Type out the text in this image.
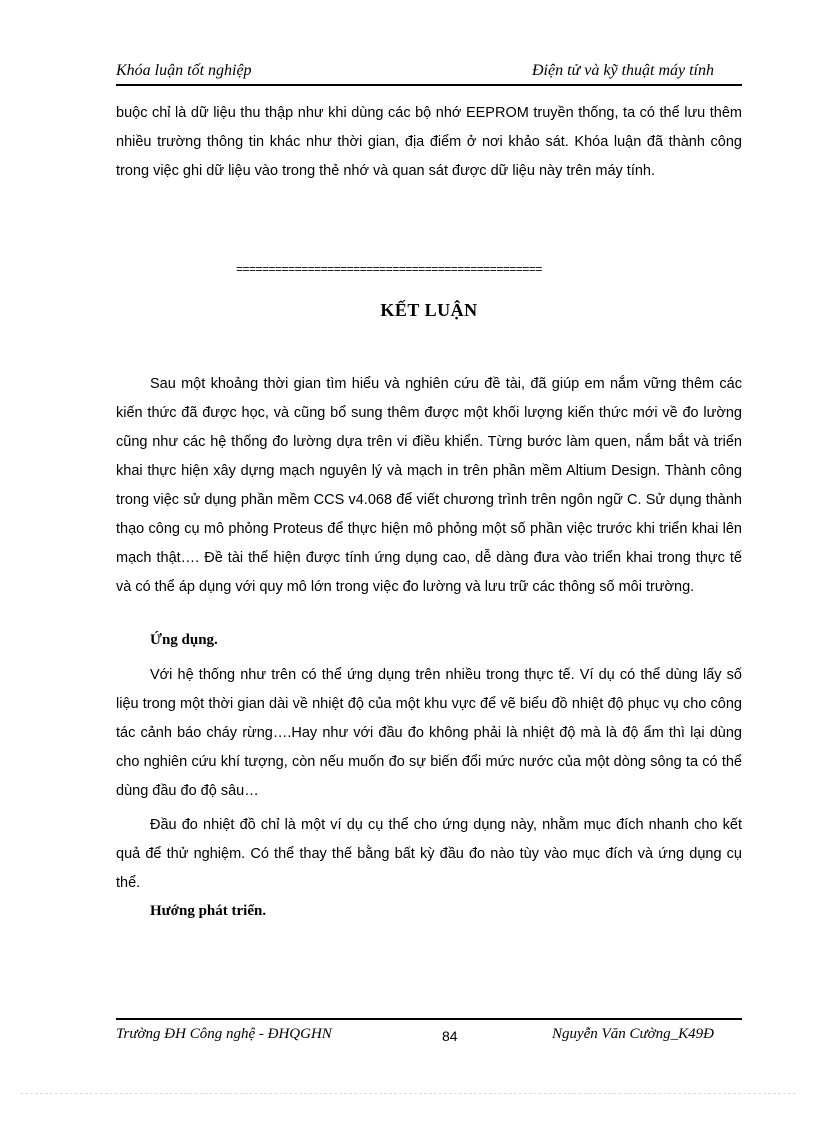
Khóa luận tốt nghiệp	Điện tử và kỹ thuật máy tính

buộc chỉ là dữ liệu thu thập như khi dùng các bộ nhớ EEPROM truyền thống, ta có thể lưu thêm nhiều trường thông tin khác như thời gian, địa điểm ở nơi khảo sát. Khóa luận đã thành công trong việc ghi dữ liệu vào trong thẻ nhớ và quan sát được dữ liệu này trên máy tính.

===============================================
KẾT LUẬN

Sau một khoảng thời gian tìm hiểu và nghiên cứu đề tài, đã giúp em nắm vững thêm các kiến thức đã được học, và cũng bổ sung thêm được một khối lượng kiến thức mới về đo lường cũng như các hệ thống đo lường dựa trên vi điều khiển. Từng bước làm quen, nắm bắt và triển khai thực hiện xây dựng mạch nguyên lý và mạch in trên phần mềm Altium Design. Thành công trong việc sử dụng phần mềm CCS v4.068 để viết chương trình trên ngôn ngữ C. Sử dụng thành thạo công cụ mô phỏng Proteus để thực hiện mô phỏng một số phần việc trước khi triển khai lên mạch thật…. Đề tài thể hiện được tính ứng dụng cao, dễ dàng đưa vào triển khai trong thực tế và có thể áp dụng với quy mô lớn trong việc đo lường và lưu trữ các thông số môi trường.

Ứng dụng.

Với hệ thống như trên có thể ứng dụng trên nhiều trong thực tế. Ví dụ có thể dùng lấy số liệu trong một thời gian dài về nhiệt độ của một khu vực để vẽ biểu đồ nhiệt độ phục vụ cho công tác cảnh báo cháy rừng….Hay như với đầu đo không phải là nhiệt độ mà là độ ẩm thì lại dùng cho nghiên cứu khí tượng, còn nếu muốn đo sự biến đổi mức nước của một dòng sông ta có thể dùng đầu đo độ sâu…

Đầu đo nhiệt đồ chỉ là một ví dụ cụ thể cho ứng dụng này, nhằm mục đích nhanh cho kết quả để thử nghiệm. Có thể thay thế bằng bất kỳ đầu đo nào tùy vào mục đích và ứng dụng cụ thể.

Hướng phát triển.
Trường ĐH Công nghệ - ĐHQGHN	84	Nguyễn Văn Cường_K49Đ
